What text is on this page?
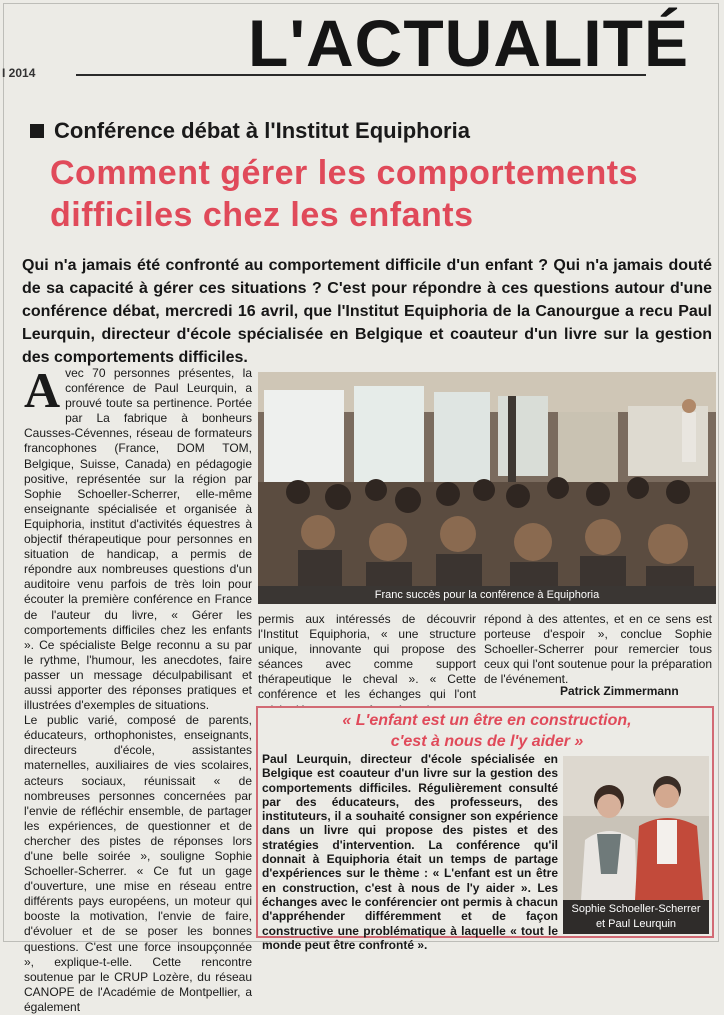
I 2014	L'ACTUALITÉ
Conférence débat à l'Institut Equiphoria
Comment gérer les comportements
difficiles chez les enfants
Qui n'a jamais été confronté au comportement difficile d'un enfant ? Qui n'a jamais douté de sa capacité à gérer ces situations ? C'est pour répondre à ces questions autour d'une conférence débat, mercredi 16 avril, que l'Institut Equiphoria de la Canourgue a recu Paul Leurquin, directeur d'école spécialisée en Belgique et coauteur d'un livre sur la gestion des comportements difficiles.

Avec 70 personnes présentes, la conférence de Paul Leurquin, a prouvé toute sa pertinence. Portée par La fabrique à bonheurs Causses-Cévennes, réseau de formateurs francophones (France, DOM TOM, Belgique, Suisse, Canada) en pédagogie positive, représentée sur la région par Sophie Schoeller-Scherrer, elle-même enseignante spécialisée et organisée à Equiphoria, institut d'activités équestres à objectif thérapeutique pour personnes en situation de handicap, a permis de répondre aux nombreuses questions d'un auditoire venu parfois de très loin pour écouter la première conférence en France de l'auteur du livre, « Gérer les comportements difficiles chez les enfants ». Ce spécialiste Belge reconnu a su par le rythme, l'humour, les anecdotes, faire passer un message déculpabilisant et aussi apporter des réponses pratiques et illustrées d'exemples de situations.

Le public varié, composé de parents, éducateurs, orthophonistes, enseignants, directeurs d'école, assistantes maternelles, auxiliaires de vies scolaires, acteurs sociaux, réunissait « de nombreuses personnes concernées par l'envie de réfléchir ensemble, de partager les expériences, de questionner et de chercher des pistes de réponses lors d'une belle soirée », souligne Sophie Schoeller-Scherrer. « Ce fut un gage d'ouverture, une mise en réseau entre différents pays européens, un moteur qui booste la motivation, l'envie de faire, d'évoluer et de se poser les bonnes questions. C'est une force insoupçonnée », explique-t-elle. Cette rencontre soutenue par le CRUP Lozère, du réseau CANOPE de l'Académie de Montpellier, a également

Franc succès pour la conférence à Equiphoria
permis aux intéressés de découvrir l'Institut Equiphoria, « une structure unique, innovante qui propose des séances avec comme support thérapeutique le cheval ». « Cette conférence et les échanges qui l'ont
répond à des attentes, et en ce sens est porteuse d'espoir », conclue Sophie Schoeller-Scherrer pour remercier tous ceux qui l'ont soutenue pour la préparation de l'événement.
Patrick Zimmermann
« L'enfant est un être en construction,
c'est à nous de l'y aider »
Paul Leurquin, directeur d'école spécialisée en Belgique est coauteur d'un livre sur la gestion des comportements difficiles. Régulièrement consulté par des éducateurs, des professeurs, des instituteurs, il a souhaité consigner son expérience dans un livre qui propose des pistes et des stratégies d'intervention. La conférence qu'il donnait à Equiphoria était un temps de partage d'expériences sur le thème : « L'enfant est un être en construction, c'est à nous de l'y aider ». Les échanges avec le conférencier ont permis à chacun d'appréhender différemment et de façon constructive une problématique à laquelle « tout le monde peut être confronté ».
Sophie Schoeller-Scherrer
et Paul Leurquin
